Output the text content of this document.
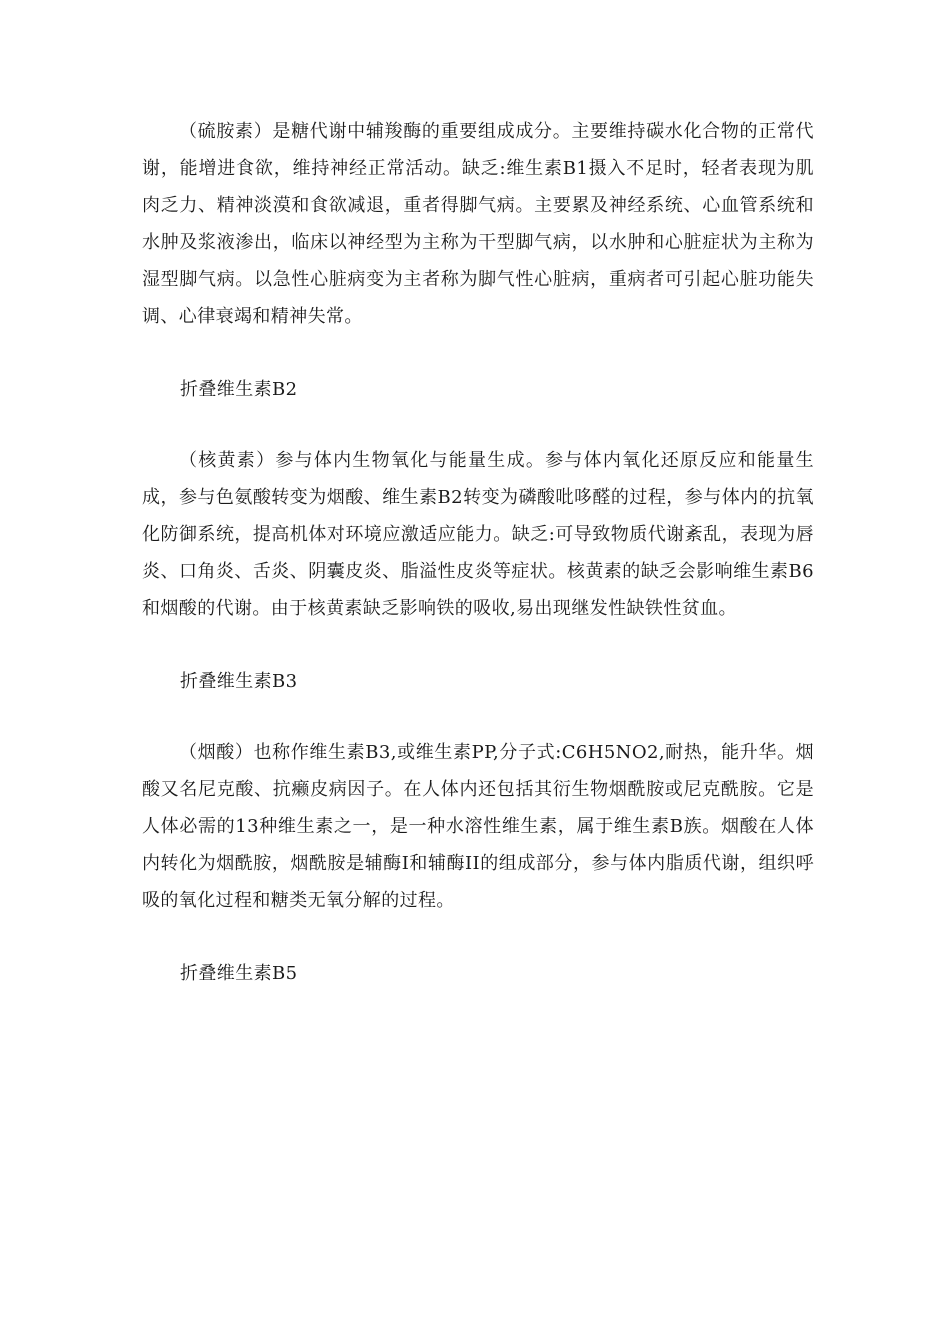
（硫胺素）是糖代谢中辅羧酶的重要组成成分。主要维持碳水化合物的正常代谢，能增进食欲，维持神经正常活动。缺乏:维生素B1摄入不足时，轻者表现为肌肉乏力、精神淡漠和食欲减退，重者得脚气病。主要累及神经系统、心血管系统和水肿及浆液渗出，临床以神经型为主称为干型脚气病，以水肿和心脏症状为主称为湿型脚气病。以急性心脏病变为主者称为脚气性心脏病，重病者可引起心脏功能失调、心律衰竭和精神失常。

折叠维生素B2

（核黄素）参与体内生物氧化与能量生成。参与体内氧化还原反应和能量生成，参与色氨酸转变为烟酸、维生素B2转变为磷酸吡哆醛的过程，参与体内的抗氧化防御系统，提高机体对环境应激适应能力。缺乏:可导致物质代谢紊乱，表现为唇炎、口角炎、舌炎、阴囊皮炎、脂溢性皮炎等症状。核黄素的缺乏会影响维生素B6和烟酸的代谢。由于核黄素缺乏影响铁的吸收,易出现继发性缺铁性贫血。

折叠维生素B3

（烟酸）也称作维生素B3,或维生素PP,分子式:C6H5NO2,耐热，能升华。烟酸又名尼克酸、抗癞皮病因子。在人体内还包括其衍生物烟酰胺或尼克酰胺。它是人体必需的13种维生素之一，是一种水溶性维生素，属于维生素B族。烟酸在人体内转化为烟酰胺，烟酰胺是辅酶I和辅酶II的组成部分，参与体内脂质代谢，组织呼吸的氧化过程和糖类无氧分解的过程。

折叠维生素B5
